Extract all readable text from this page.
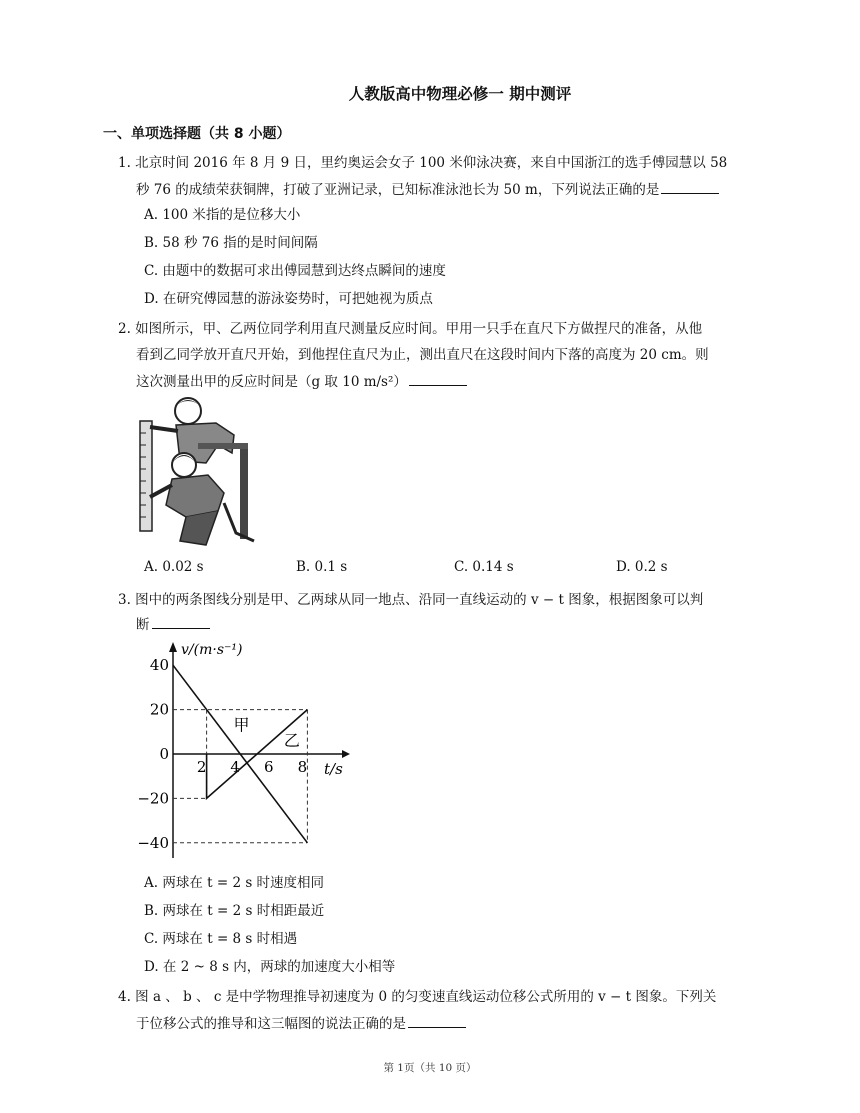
人教版高中物理必修一 期中测评
一、单项选择题（共 8 小题）
1. 北京时间 2016 年 8 月 9 日，里约奥运会女子 100 米仰泳决赛，来自中国浙江的选手傅园慧以 58
秒 76 的成绩荣获铜牌，打破了亚洲记录，已知标准泳池长为 50 m，下列说法正确的是
A. 100 米指的是位移大小
B. 58 秒 76 指的是时间间隔
C. 由题中的数据可求出傅园慧到达终点瞬间的速度
D. 在研究傅园慧的游泳姿势时，可把她视为质点
2. 如图所示，甲、乙两位同学利用直尺测量反应时间。甲用一只手在直尺下方做捏尺的准备，从他
看到乙同学放开直尺开始，到他捏住直尺为止，测出直尺在这段时间内下落的高度为 20 cm。则
这次测量出甲的反应时间是（g 取 10 m/s²）
A. 0.02 s	B. 0.1 s	C. 0.14 s	D. 0.2 s
3. 图中的两条图线分别是甲、乙两球从同一地点、沿同一直线运动的 v − t 图象，根据图象可以判
断
40
20
0
−20
−40
2 4 6 8
v/(m·s⁻¹)
t/s
甲
乙
A. 两球在 t = 2 s 时速度相同
B. 两球在 t = 2 s 时相距最近
C. 两球在 t = 8 s 时相遇
D. 在 2 ~ 8 s 内，两球的加速度大小相等
4. 图 a 、 b 、 c 是中学物理推导初速度为 0 的匀变速直线运动位移公式所用的 v − t 图象。下列关
于位移公式的推导和这三幅图的说法正确的是
第 1页（共 10 页）
